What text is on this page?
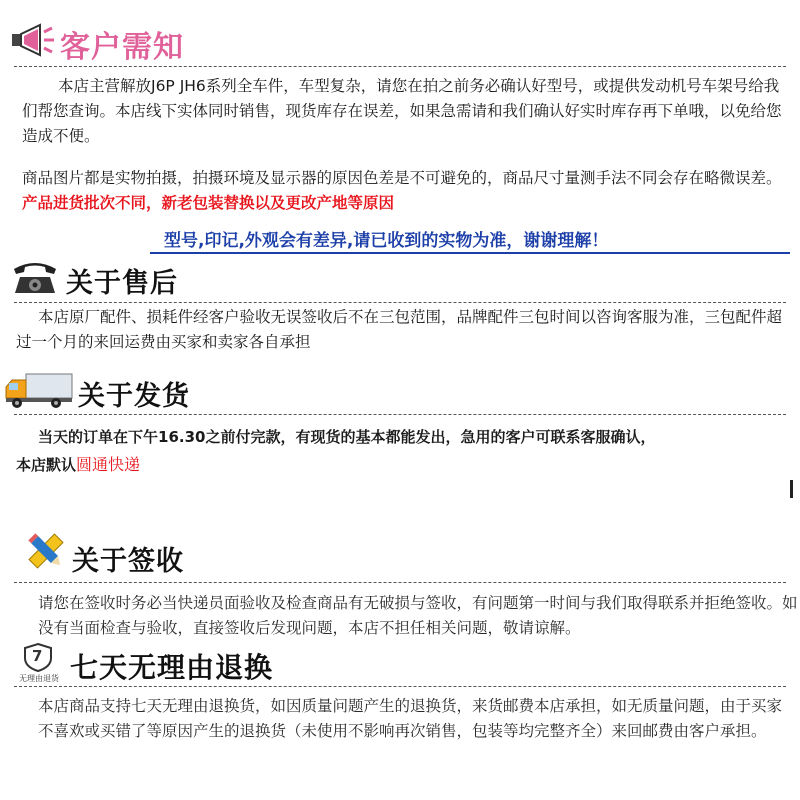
客户需知
本店主营解放J6P JH6系列全车件，车型复杂，请您在拍之前务必确认好型号，或提供发动机号车架号给我们帮您查询。本店线下实体同时销售，现货库存在误差，如果急需请和我们确认好实时库存再下单哦，以免给您造成不便。
商品图片都是实物拍摄，拍摄环境及显示器的原因色差是不可避免的，商品尺寸量测手法不同会存在略微误差。产品进货批次不同，新老包装替换以及更改产地等原因
型号,印记,外观会有差异,请已收到的实物为准，谢谢理解！
关于售后
本店原厂配件、损耗件经客户验收无误签收后不在三包范围，品牌配件三包时间以咨询客服为准，三包配件超过一个月的来回运费由买家和卖家各自承担
关于发货
当天的订单在下午16.30之前付完款，有现货的基本都能发出，急用的客户可联系客服确认，
本店默认圆通快递
关于签收
请您在签收时务必当快递员面验收及检查商品有无破损与签收，有问题第一时间与我们取得联系并拒绝签收。如没有当面检查与验收，直接签收后发现问题，本店不担任相关问题，敬请谅解。
7
无理由退货 七天无理由退换
本店商品支持七天无理由退换货，如因质量问题产生的退换货，来货邮费本店承担，如无质量问题，由于买家不喜欢或买错了等原因产生的退换货（未使用不影响再次销售，包装等均完整齐全）来回邮费由客户承担。
